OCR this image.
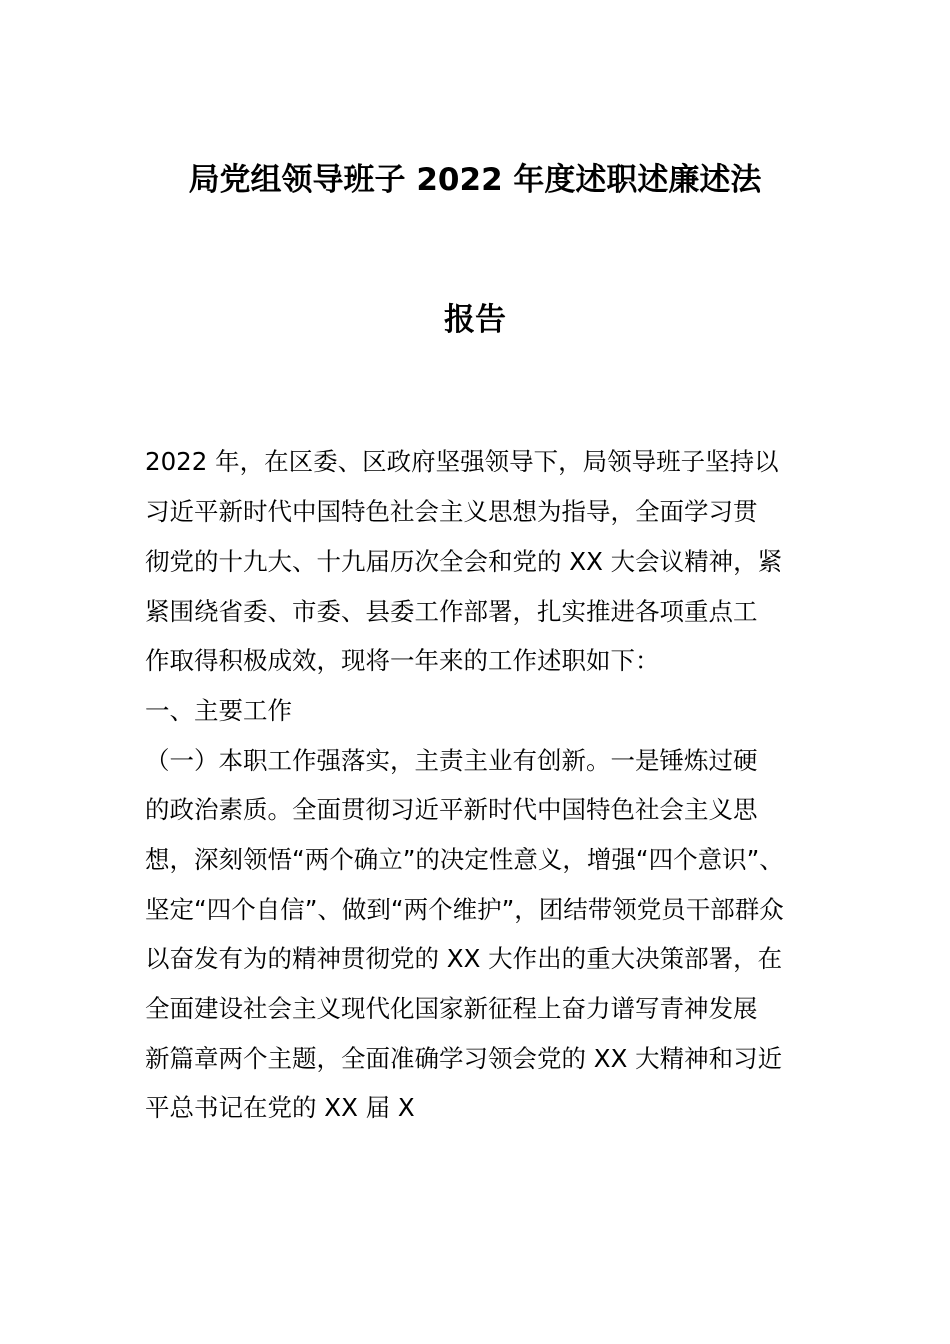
局党组领导班子 2022 年度述职述廉述法
报告
2022 年，在区委、区政府坚强领导下，局领导班子坚持以
习近平新时代中国特色社会主义思想为指导，全面学习贯
彻党的十九大、十九届历次全会和党的 XX 大会议精神，紧
紧围绕省委、市委、县委工作部署，扎实推进各项重点工
作取得积极成效，现将一年来的工作述职如下：
一、主要工作
（一）本职工作强落实，主责主业有创新。一是锤炼过硬
的政治素质。全面贯彻习近平新时代中国特色社会主义思
想，深刻领悟“两个确立”的决定性意义，增强“四个意识”、
坚定“四个自信”、做到“两个维护”，团结带领党员干部群众
以奋发有为的精神贯彻党的 XX 大作出的重大决策部署，在
全面建设社会主义现代化国家新征程上奋力谱写青神发展
新篇章两个主题，全面准确学习领会党的 XX 大精神和习近
平总书记在党的 XX 届 X
